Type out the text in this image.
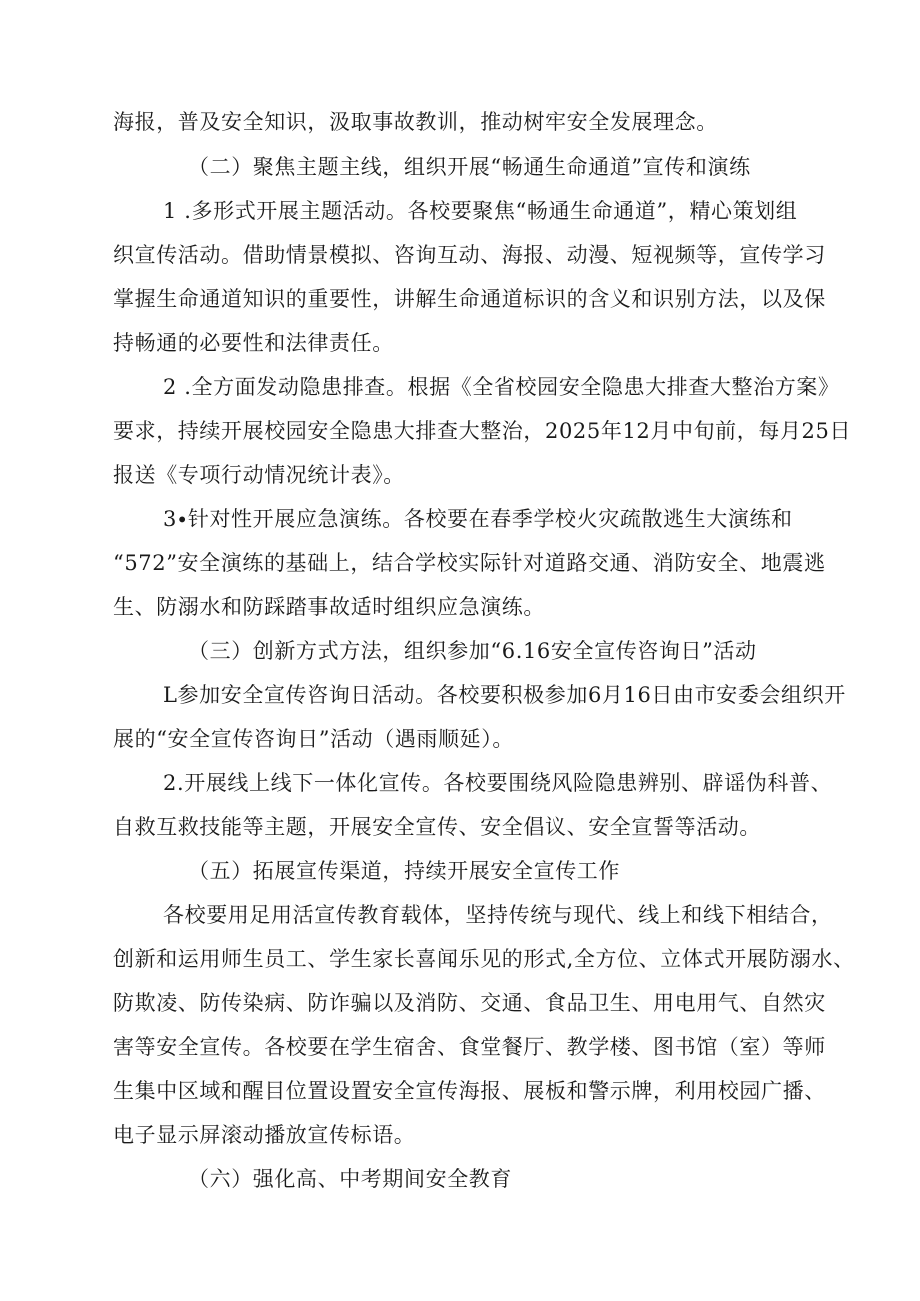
海报，普及安全知识，汲取事故教训，推动树牢安全发展理念。
（二）聚焦主题主线，组织开展“畅通生命通道”宣传和演练
1 .多形式开展主题活动。各校要聚焦“畅通生命通道”，精心策划组
织宣传活动。借助情景模拟、咨询互动、海报、动漫、短视频等，宣传学习
掌握生命通道知识的重要性，讲解生命通道标识的含义和识别方法，以及保
持畅通的必要性和法律责任。
2 .全方面发动隐患排查。根据《全省校园安全隐患大排查大整治方案》
要求，持续开展校园安全隐患大排查大整治，2025年12月中旬前，每月25日
报送《专项行动情况统计表》。
3∙针对性开展应急演练。各校要在春季学校火灾疏散逃生大演练和
“572”安全演练的基础上，结合学校实际针对道路交通、消防安全、地震逃
生、防溺水和防踩踏事故适时组织应急演练。
（三）创新方式方法，组织参加“6.16安全宣传咨询日”活动
L参加安全宣传咨询日活动。各校要积极参加6月16日由市安委会组织开
展的“安全宣传咨询日”活动（遇雨顺延）。
2.开展线上线下一体化宣传。各校要围绕风险隐患辨别、辟谣伪科普、
自救互救技能等主题，开展安全宣传、安全倡议、安全宣誓等活动。
（五）拓展宣传渠道，持续开展安全宣传工作
各校要用足用活宣传教育载体，坚持传统与现代、线上和线下相结合，
创新和运用师生员工、学生家长喜闻乐见的形式,全方位、立体式开展防溺水、
防欺凌、防传染病、防诈骗以及消防、交通、食品卫生、用电用气、自然灾
害等安全宣传。各校要在学生宿舍、食堂餐厅、教学楼、图书馆（室）等师
生集中区域和醒目位置设置安全宣传海报、展板和警示牌，利用校园广播、
电子显示屏滚动播放宣传标语。
（六）强化高、中考期间安全教育
